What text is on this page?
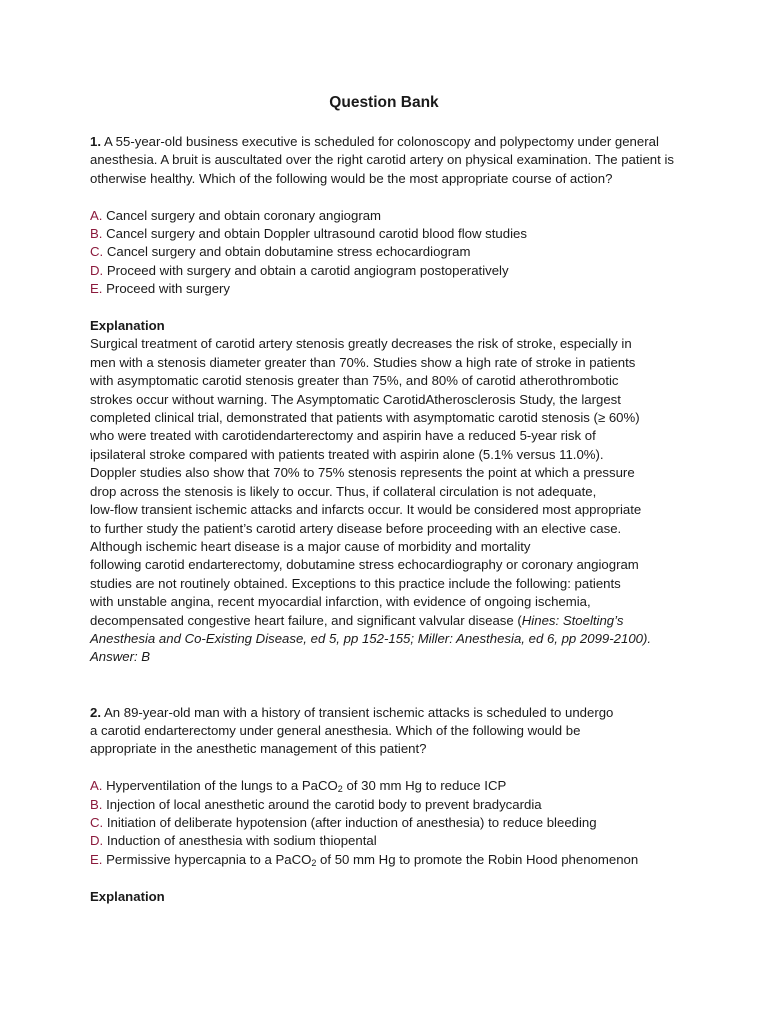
Question Bank

1. A 55-year-old business executive is scheduled for colonoscopy and polypectomy under general anesthesia. A bruit is auscultated over the right carotid artery on physical examination. The patient is otherwise healthy. Which of the following would be the most appropriate course of action?

A. Cancel surgery and obtain coronary angiogram

B. Cancel surgery and obtain Doppler ultrasound carotid blood flow studies

C. Cancel surgery and obtain dobutamine stress echocardiogram

D. Proceed with surgery and obtain a carotid angiogram postoperatively

E. Proceed with surgery

Explanation

Surgical treatment of carotid artery stenosis greatly decreases the risk of stroke, especially in

men with a stenosis diameter greater than 70%. Studies show a high rate of stroke in patients

with asymptomatic carotid stenosis greater than 75%, and 80% of carotid atherothrombotic

strokes occur without warning. The Asymptomatic CarotidAtherosclerosis Study, the largest

completed clinical trial, demonstrated that patients with asymptomatic carotid stenosis (≥ 60%)

who were treated with carotidendarterectomy and aspirin have a reduced 5-year risk of

ipsilateral stroke compared with patients treated with aspirin alone (5.1% versus 11.0%).

Doppler studies also show that 70% to 75% stenosis represents the point at which a pressure

drop across the stenosis is likely to occur. Thus, if collateral circulation is not adequate,

low-flow transient ischemic attacks and infarcts occur. It would be considered most appropriate

to further study the patient’s carotid artery disease before proceeding with an elective case.

Although ischemic heart disease is a major cause of morbidity and mortality

following carotid endarterectomy, dobutamine stress echocardiography or coronary angiogram

studies are not routinely obtained. Exceptions to this practice include the following: patients

with unstable angina, recent myocardial infarction, with evidence of ongoing ischemia,

decompensated congestive heart failure, and significant valvular disease (Hines: Stoelting’s

Anesthesia and Co-Existing Disease, ed 5, pp 152-155; Miller: Anesthesia, ed 6, pp 2099-2100).

Answer: B

2. An 89-year-old man with a history of transient ischemic attacks is scheduled to undergo

a carotid endarterectomy under general anesthesia. Which of the following would be

appropriate in the anesthetic management of this patient?

A. Hyperventilation of the lungs to a PaCO$_2$ of 30 mm Hg to reduce ICP

B. Injection of local anesthetic around the carotid body to prevent bradycardia

C. Initiation of deliberate hypotension (after induction of anesthesia) to reduce bleeding

D. Induction of anesthesia with sodium thiopental

E. Permissive hypercapnia to a PaCO$_2$ of 50 mm Hg to promote the Robin Hood phenomenon

Explanation
